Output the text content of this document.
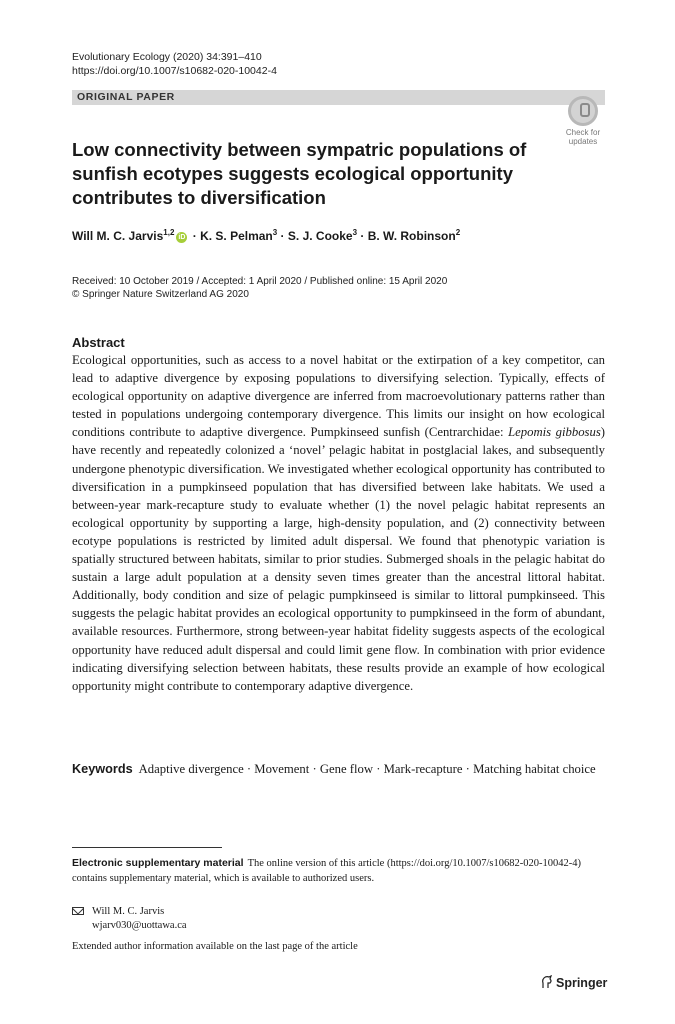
Evolutionary Ecology (2020) 34:391–410
https://doi.org/10.1007/s10682-020-10042-4
ORIGINAL PAPER
Check for updates
Low connectivity between sympatric populations of sunfish ecotypes suggests ecological opportunity contributes to diversification
Will M. C. Jarvis$^{1,2}$iD · K. S. Pelman$^3$ · S. J. Cooke$^3$ · B. W. Robinson$^2$
Received: 10 October 2019 / Accepted: 1 April 2020 / Published online: 15 April 2020
© Springer Nature Switzerland AG 2020
Abstract
Ecological opportunities, such as access to a novel habitat or the extirpation of a key competitor, can lead to adaptive divergence by exposing populations to diversifying selection. Typically, effects of ecological opportunity on adaptive divergence are inferred from macroevolutionary patterns rather than tested in populations undergoing contemporary divergence. This limits our insight on how ecological conditions contribute to adaptive divergence. Pumpkinseed sunfish (Centrarchidae: Lepomis gibbosus) have recently and repeatedly colonized a ‘novel’ pelagic habitat in postglacial lakes, and subsequently undergone phenotypic diversification. We investigated whether ecological opportunity has contributed to diversification in a pumpkinseed population that has diversified between lake habitats. We used a between-year mark-recapture study to evaluate whether (1) the novel pelagic habitat represents an ecological opportunity by supporting a large, high-density population, and (2) connectivity between ecotype populations is restricted by limited adult dispersal. We found that phenotypic variation is spatially structured between habitats, similar to prior studies. Submerged shoals in the pelagic habitat do sustain a large adult population at a density seven times greater than the ancestral littoral habitat. Additionally, body condition and size of pelagic pumpkinseed is similar to littoral pumpkinseed. This suggests the pelagic habitat provides an ecological opportunity to pumpkinseed in the form of abundant, available resources. Furthermore, strong between-year habitat fidelity suggests aspects of the ecological opportunity have reduced adult dispersal and could limit gene flow. In combination with prior evidence indicating diversifying selection between habitats, these results provide an example of how ecological opportunity might contribute to contemporary adaptive divergence.
Keywords Adaptive divergence · Movement · Gene flow · Mark-recapture · Matching habitat choice
Electronic supplementary material The online version of this article (https://doi.org/10.1007/s10682-020-10042-4) contains supplementary material, which is available to authorized users.
Will M. C. Jarvis
wjarv030@uottawa.ca
Extended author information available on the last page of the article
Springer
